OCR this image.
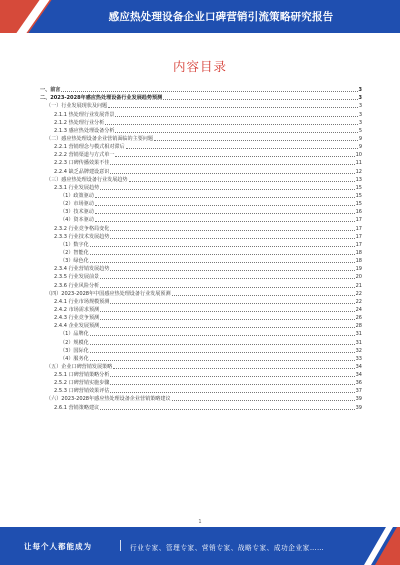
感应热处理设备企业口碑营销引流策略研究报告
内容目录
一、前言	3
二、2023-2028年感应热处理设备行业发展趋势预测	3
（一）行业发展现状及问题	3
2.1.1 热处理行业发展背景	3
2.1.2 热处理行业分析	3
2.1.3 感应热处理设备分析	5
（二）感应热处理设备企业营销面临的主要问题	9
2.2.1 营销理念与模式相对滞后	9
2.2.2 营销渠道与方式单一	10
2.2.3 口碑传播效果不佳	11
2.2.4 缺乏品牌建设意识	12
（三）感应热处理设备行业发展趋势	13
2.3.1 行业发展趋势	15
（1）政策驱动	15
（2）市场驱动	15
（3）技术驱动	16
（4）资本驱动	17
2.3.2 行业竞争格局变化	17
2.3.3 行业技术发展趋势	17
（1）数字化	17
（2）智能化	18
（3）绿色化	18
2.3.4 行业营销发展趋势	19
2.3.5 行业发展前景	20
2.3.6 行业风险分析	21
（四）2023-2028年中国感应热处理设备行业发展预测	22
2.4.1 行业市场规模预测	22
2.4.2 市场需求预测	24
2.4.3 行业竞争预测	26
2.4.4 企业发展预测	28
（1）品牌化	31
（2）规模化	31
（3）国际化	32
（4）服务化	33
（五）企业口碑营销发展策略	34
2.5.1 口碑营销策略分析	34
2.5.2 口碑营销实施步骤	36
2.5.3 口碑营销效果评估	37
（六）2023-2028年感应热处理设备企业营销策略建议	39
2.6.1 营销策略建议	39
1
让每个人都能成为	行业专家、管理专家、营销专家、战略专家、成功企业家……
